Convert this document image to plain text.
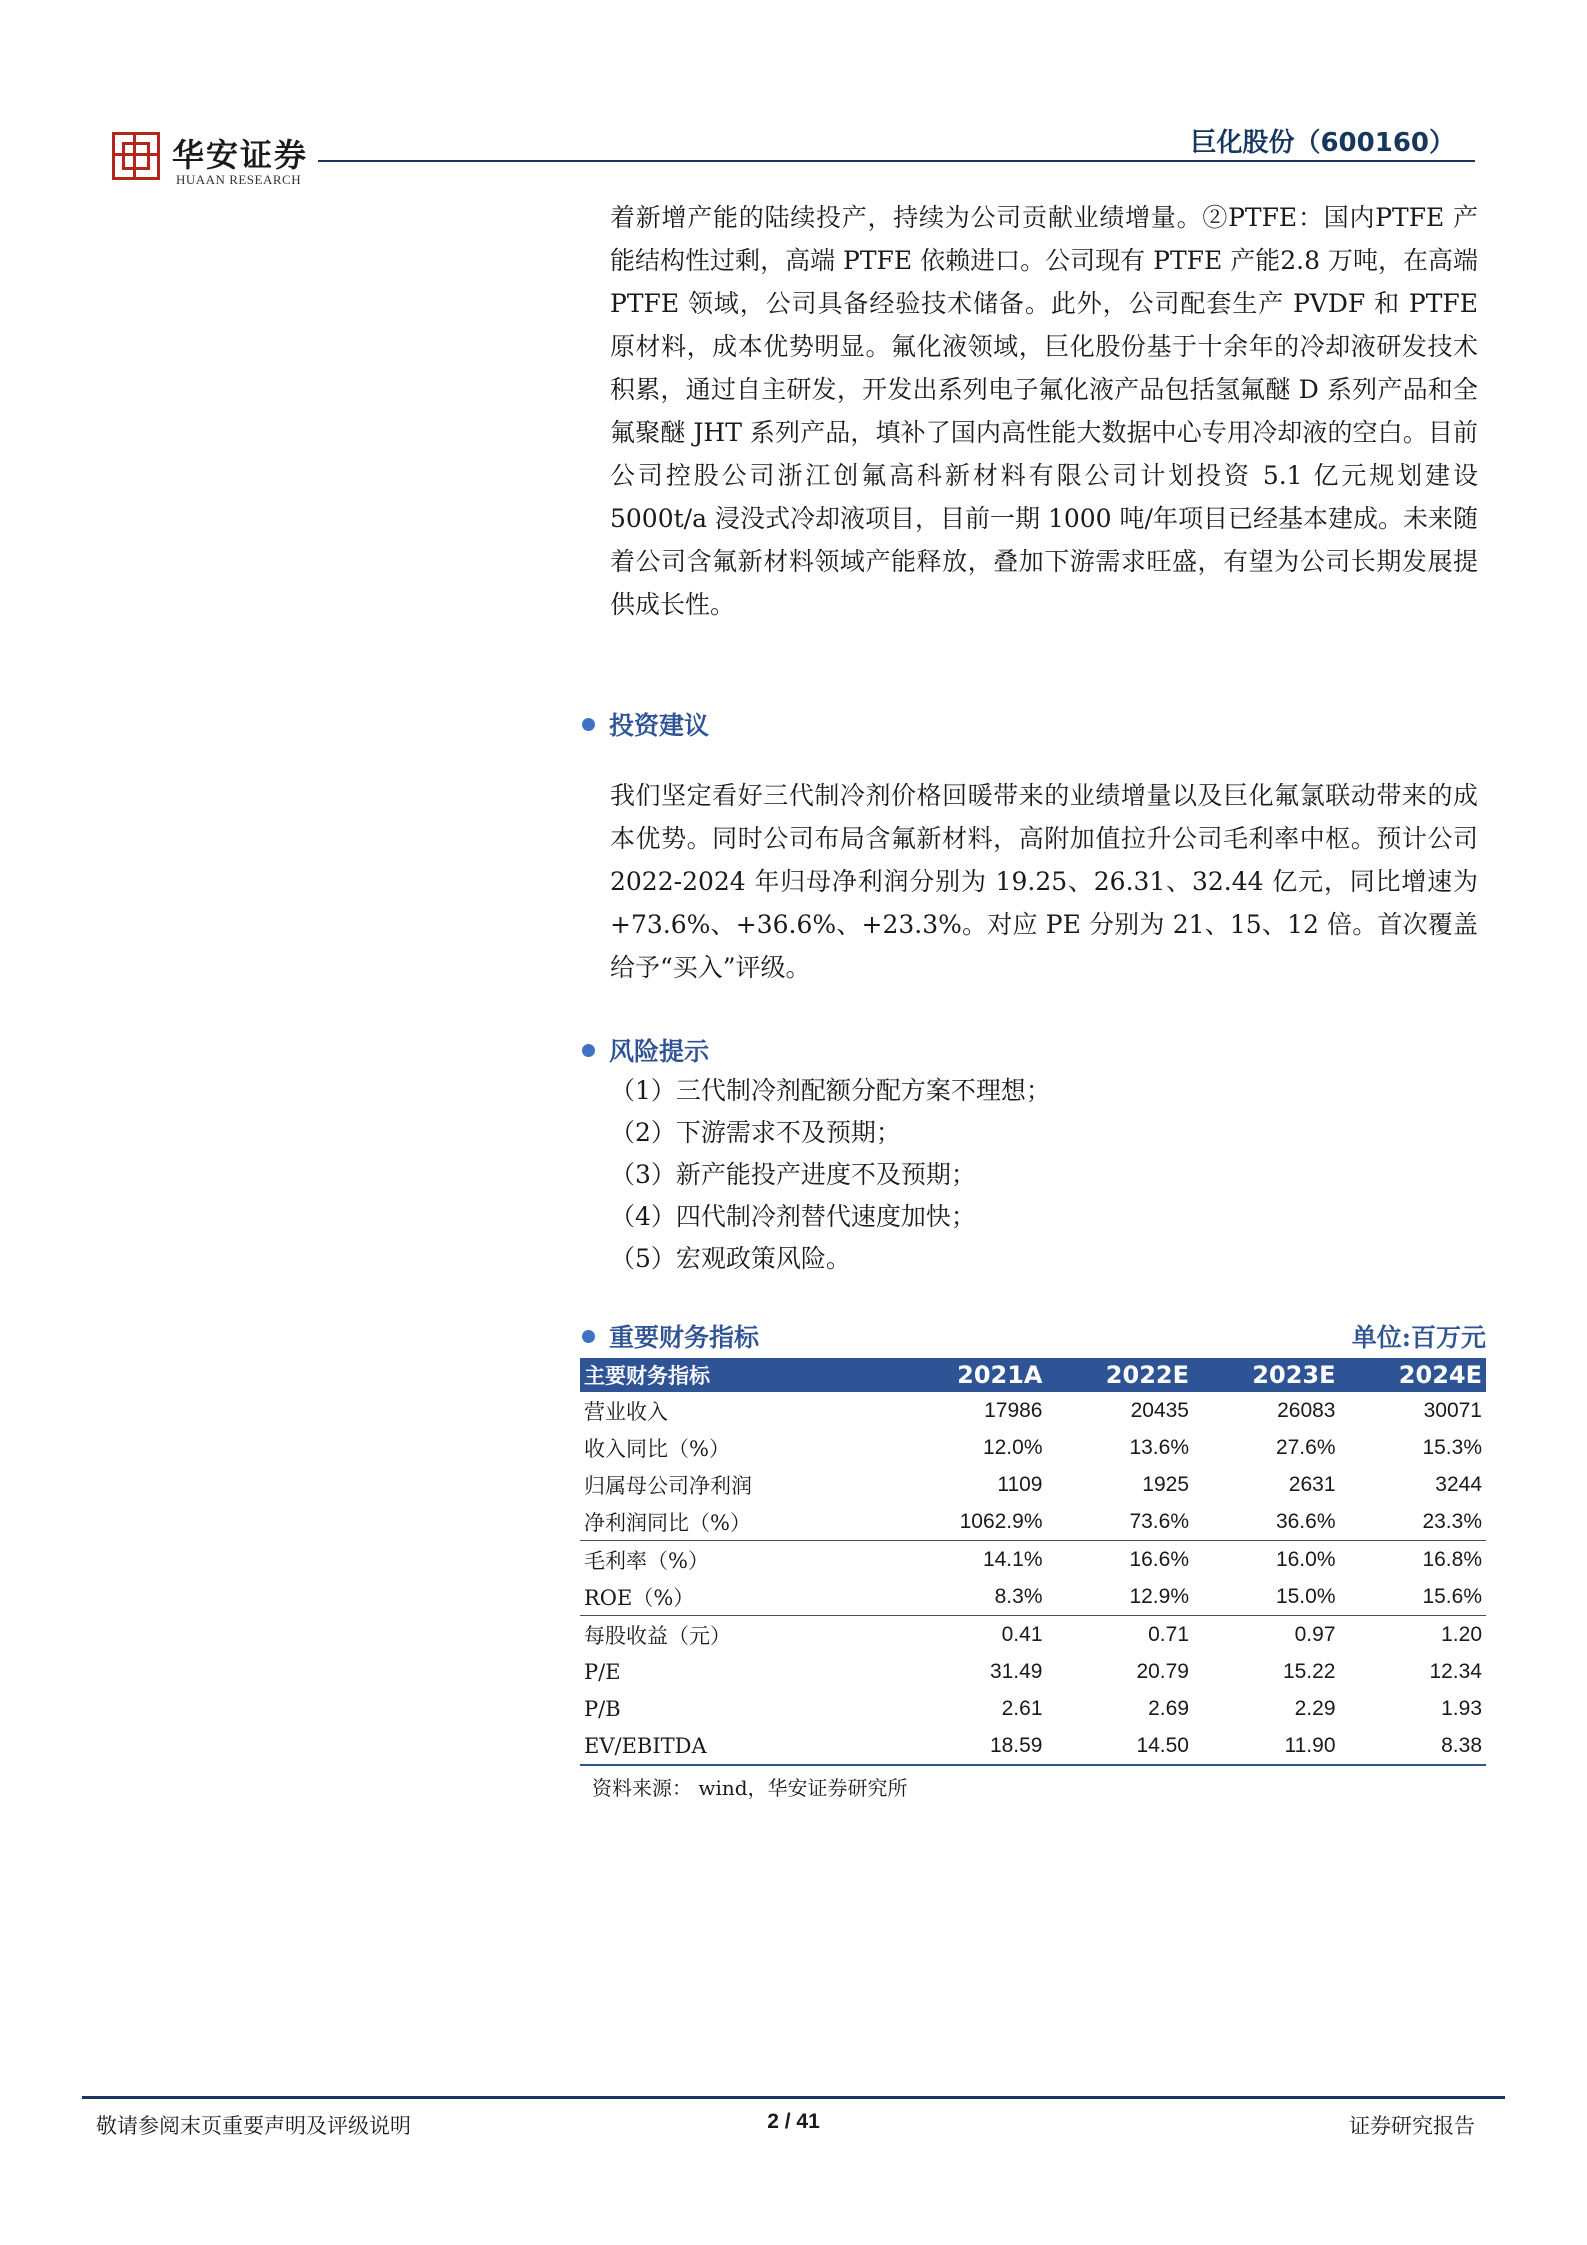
华安证券
HUAAN RESEARCH
巨化股份（600160）

着新增产能的陆续投产，持续为公司贡献业绩增量。②PTFE：国内PTFE 产能结构性过剩，高端 PTFE 依赖进口。公司现有 PTFE 产能2.8 万吨，在高端 PTFE 领域，公司具备经验技术储备。此外，公司配套生产 PVDF 和 PTFE 原材料，成本优势明显。氟化液领域，巨化股份基于十余年的冷却液研发技术积累，通过自主研发，开发出系列电子氟化液产品包括氢氟醚 D 系列产品和全氟聚醚 JHT 系列产品，填补了国内高性能大数据中心专用冷却液的空白。目前公司控股公司浙江创氟高科新材料有限公司计划投资 5.1 亿元规划建设 5000t/a 浸没式冷却液项目，目前一期 1000 吨/年项目已经基本建成。未来随着公司含氟新材料领域产能释放，叠加下游需求旺盛，有望为公司长期发展提供成长性。

投资建议

我们坚定看好三代制冷剂价格回暖带来的业绩增量以及巨化氟氯联动带来的成本优势。同时公司布局含氟新材料，高附加值拉升公司毛利率中枢。预计公司 2022-2024 年归母净利润分别为 19.25、26.31、32.44 亿元，同比增速为+73.6%、+36.6%、+23.3%。对应 PE 分别为 21、15、12 倍。首次覆盖给予“买入”评级。

风险提示
（1）三代制冷剂配额分配方案不理想；
（2）下游需求不及预期；
（3）新产能投产进度不及预期；
（4）四代制冷剂替代速度加快；
（5）宏观政策风险。
重要财务指标	单位:百万元
主要财务指标	2021A	2022E	2023E	2024E
营业收入	17986	20435	26083	30071
收入同比（%）	12.0%	13.6%	27.6%	15.3%
归属母公司净利润	1109	1925	2631	3244
净利润同比（%）	1062.9%	73.6%	36.6%	23.3%
毛利率（%）	14.1%	16.6%	16.0%	16.8%
ROE（%）	8.3%	12.9%	15.0%	15.6%
每股收益（元）	0.41	0.71	0.97	1.20
P/E	31.49	20.79	15.22	12.34
P/B	2.61	2.69	2.29	1.93
EV/EBITDA	18.59	14.50	11.90	8.38
资料来源： wind，华安证券研究所
敬请参阅末页重要声明及评级说明	2 / 41	证券研究报告
